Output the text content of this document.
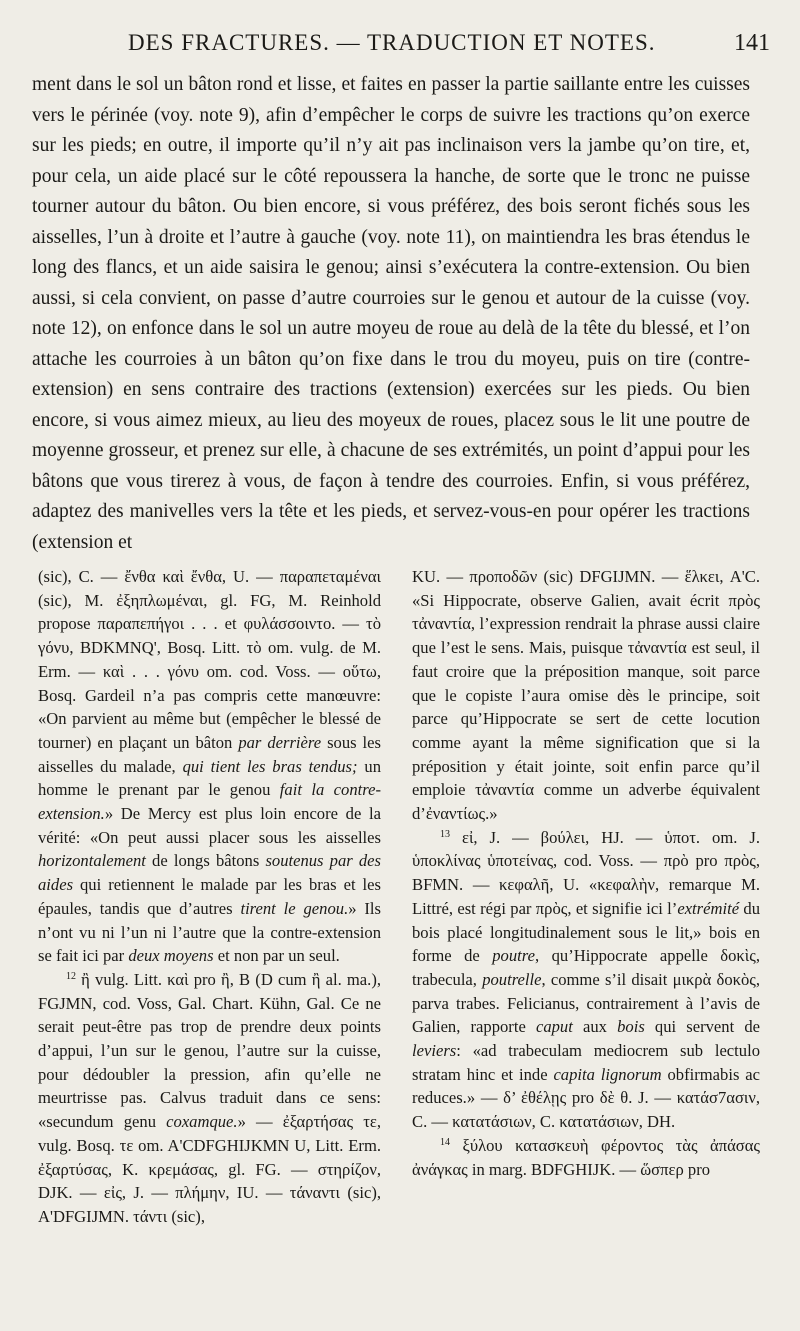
DES FRACTURES. — TRADUCTION ET NOTES.	141

ment dans le sol un bâton rond et lisse, et faites en passer la partie saillante entre les cuisses vers le périnée (voy. note 9), afin d’empêcher le corps de suivre les tractions qu’on exerce sur les pieds; en outre, il importe qu’il n’y ait pas inclinaison vers la jambe qu’on tire, et, pour cela, un aide placé sur le côté repoussera la hanche, de sorte que le tronc ne puisse tourner autour du bâton. Ou bien encore, si vous préférez, des bois seront fichés sous les aisselles, l’un à droite et l’autre à gauche (voy. note 11), on maintiendra les bras étendus le long des flancs, et un aide saisira le genou; ainsi s’exécutera la contre-extension. Ou bien aussi, si cela convient, on passe d’autre courroies sur le genou et autour de la cuisse (voy. note 12), on enfonce dans le sol un autre moyeu de roue au delà de la tête du blessé, et l’on attache les courroies à un bâton qu’on fixe dans le trou du moyeu, puis on tire (contre-extension) en sens contraire des tractions (extension) exercées sur les pieds. Ou bien encore, si vous aimez mieux, au lieu des moyeux de roues, placez sous le lit une poutre de moyenne grosseur, et prenez sur elle, à chacune de ses extrémités, un point d’appui pour les bâtons que vous tirerez à vous, de façon à tendre des courroies. Enfin, si vous préférez, adaptez des manivelles vers la tête et les pieds, et servez-vous-en pour opérer les tractions (extension et

(sic), C. — ἔνθα καὶ ἔνθα, U. — παραπεταμέναι (sic), M. ἐξηπλωμέναι, gl. FG, M. Reinhold propose παραπεπήγοι . . . et φυλάσσοιντο. — τὸ γόνυ, BDKMNQ', Bosq. Litt. τὸ om. vulg. de M. Erm. — καὶ . . . γόνυ om. cod. Voss. — οὕτω, Bosq. Gardeil n’a pas compris cette manœuvre: «On parvient au même but (empêcher le blessé de tourner) en plaçant un bâton par derrière sous les aisselles du malade, qui tient les bras tendus; un homme le prenant par le genou fait la contre-extension.» De Mercy est plus loin encore de la vérité: «On peut aussi placer sous les aisselles horizontalement de longs bâtons soutenus par des aides qui retiennent le malade par les bras et les épaules, tandis que d’autres tirent le genou.» Ils n’ont vu ni l’un ni l’autre que la contre-extension se fait ici par deux moyens et non par un seul.

$^{12}$ ἢ vulg. Litt. καὶ pro ἢ, B (D cum ἢ al. ma.), FGJMN, cod. Voss, Gal. Chart. Kühn, Gal. Ce ne serait peut-être pas trop de prendre deux points d’appui, l’un sur le genou, l’autre sur la cuisse, pour dédoubler la pression, afin qu’elle ne meurtrisse pas. Calvus traduit dans ce sens: «secundum genu coxamque.» — ἐξαρτήσας τε, vulg. Bosq. τε om. A'CDFGHIJKMN U, Litt. Erm. ἐξαρτύσας, K. κρεμάσας, gl. FG. — στηρίζον, DJK. — εἰς, J. — πλήμην, IU. — τάναντι (sic), A'DFGIJMN. τάντι (sic),

KU. — προποδῶν (sic) DFGIJMN. — ἕλκει, A'C. «Si Hippocrate, observe Galien, avait écrit πρὸς τἀναντία, l’expression rendrait la phrase aussi claire que l’est le sens. Mais, puisque τἀναντία est seul, il faut croire que la préposition manque, soit parce que le copiste l’aura omise dès le principe, soit parce qu’Hippocrate se sert de cette locution comme ayant la même signification que si la préposition y était jointe, soit enfin parce qu’il emploie τἀναντία comme un adverbe équivalent d’ἐναντίως.»

$^{13}$ εἰ, J. — βούλει, HJ. — ὑποτ. om. J. ὑποκλίνας ὑποτείνας, cod. Voss. — πρὸ pro πρὸς, BFMN. — κεφαλῆ, U. «κεφαλὴν, remarque M. Littré, est régi par πρὸς, et signifie ici l’extrémité du bois placé longitudinalement sous le lit,» bois en forme de poutre, qu’Hippocrate appelle δοκὶς, trabecula, poutrelle, comme s’il disait μικρὰ δοκὸς, parva trabes. Felicianus, contrairement à l’avis de Galien, rapporte caput aux bois qui servent de leviers: «ad trabeculam mediocrem sub lectulo stratam hinc et inde capita lignorum obfirmabis ac reduces.» — δ’ ἐθέλῃς pro δὲ θ. J. — κατάσ7ασιν, C. — κατατάσιων, C. κατατάσιων, DH.

$^{14}$ ξύλου κατασκευὴ φέροντος τὰς ἀπάσας ἀνάγκας in marg. BDFGHIJK. — ὥσπερ pro
